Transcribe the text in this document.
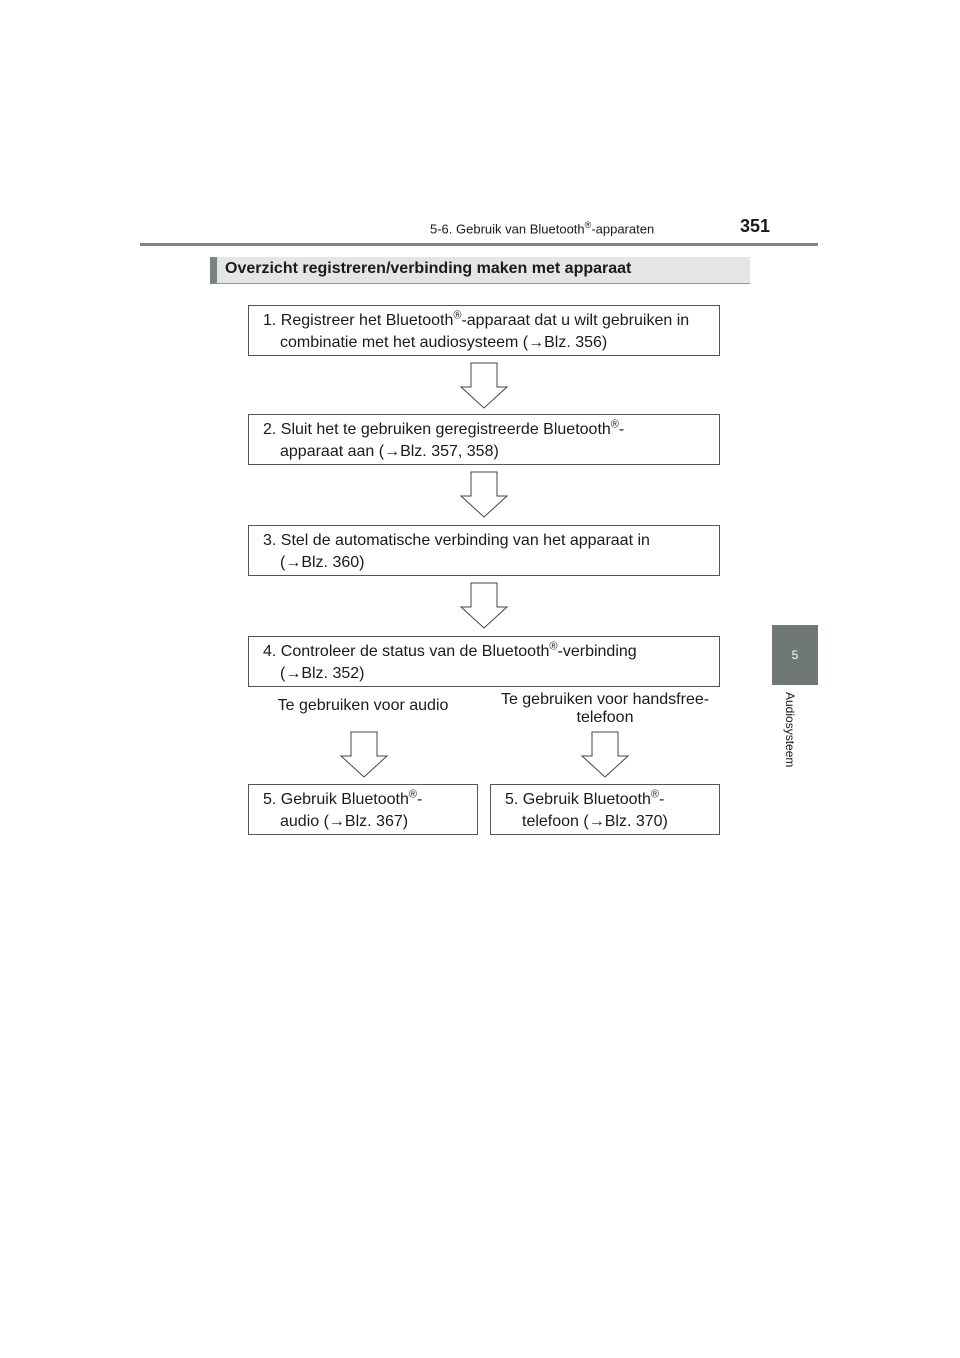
5-6. Gebruik van Bluetooth®-apparaten	351
5
Audiosysteem
Overzicht registreren/verbinding maken met apparaat
1. Registreer het Bluetooth®-apparaat dat u wilt gebruiken in
combinatie met het audiosysteem (→Blz. 356)
2. Sluit het te gebruiken geregistreerde Bluetooth®-
apparaat aan (→Blz. 357, 358)
3. Stel de automatische verbinding van het apparaat in
(→Blz. 360)
4. Controleer de status van de Bluetooth®-verbinding
(→Blz. 352)
Te gebruiken voor audio	Te gebruiken voor handsfree-
telefoon
5. Gebruik Bluetooth®-
audio (→Blz. 367)
5. Gebruik Bluetooth®-
telefoon (→Blz. 370)
